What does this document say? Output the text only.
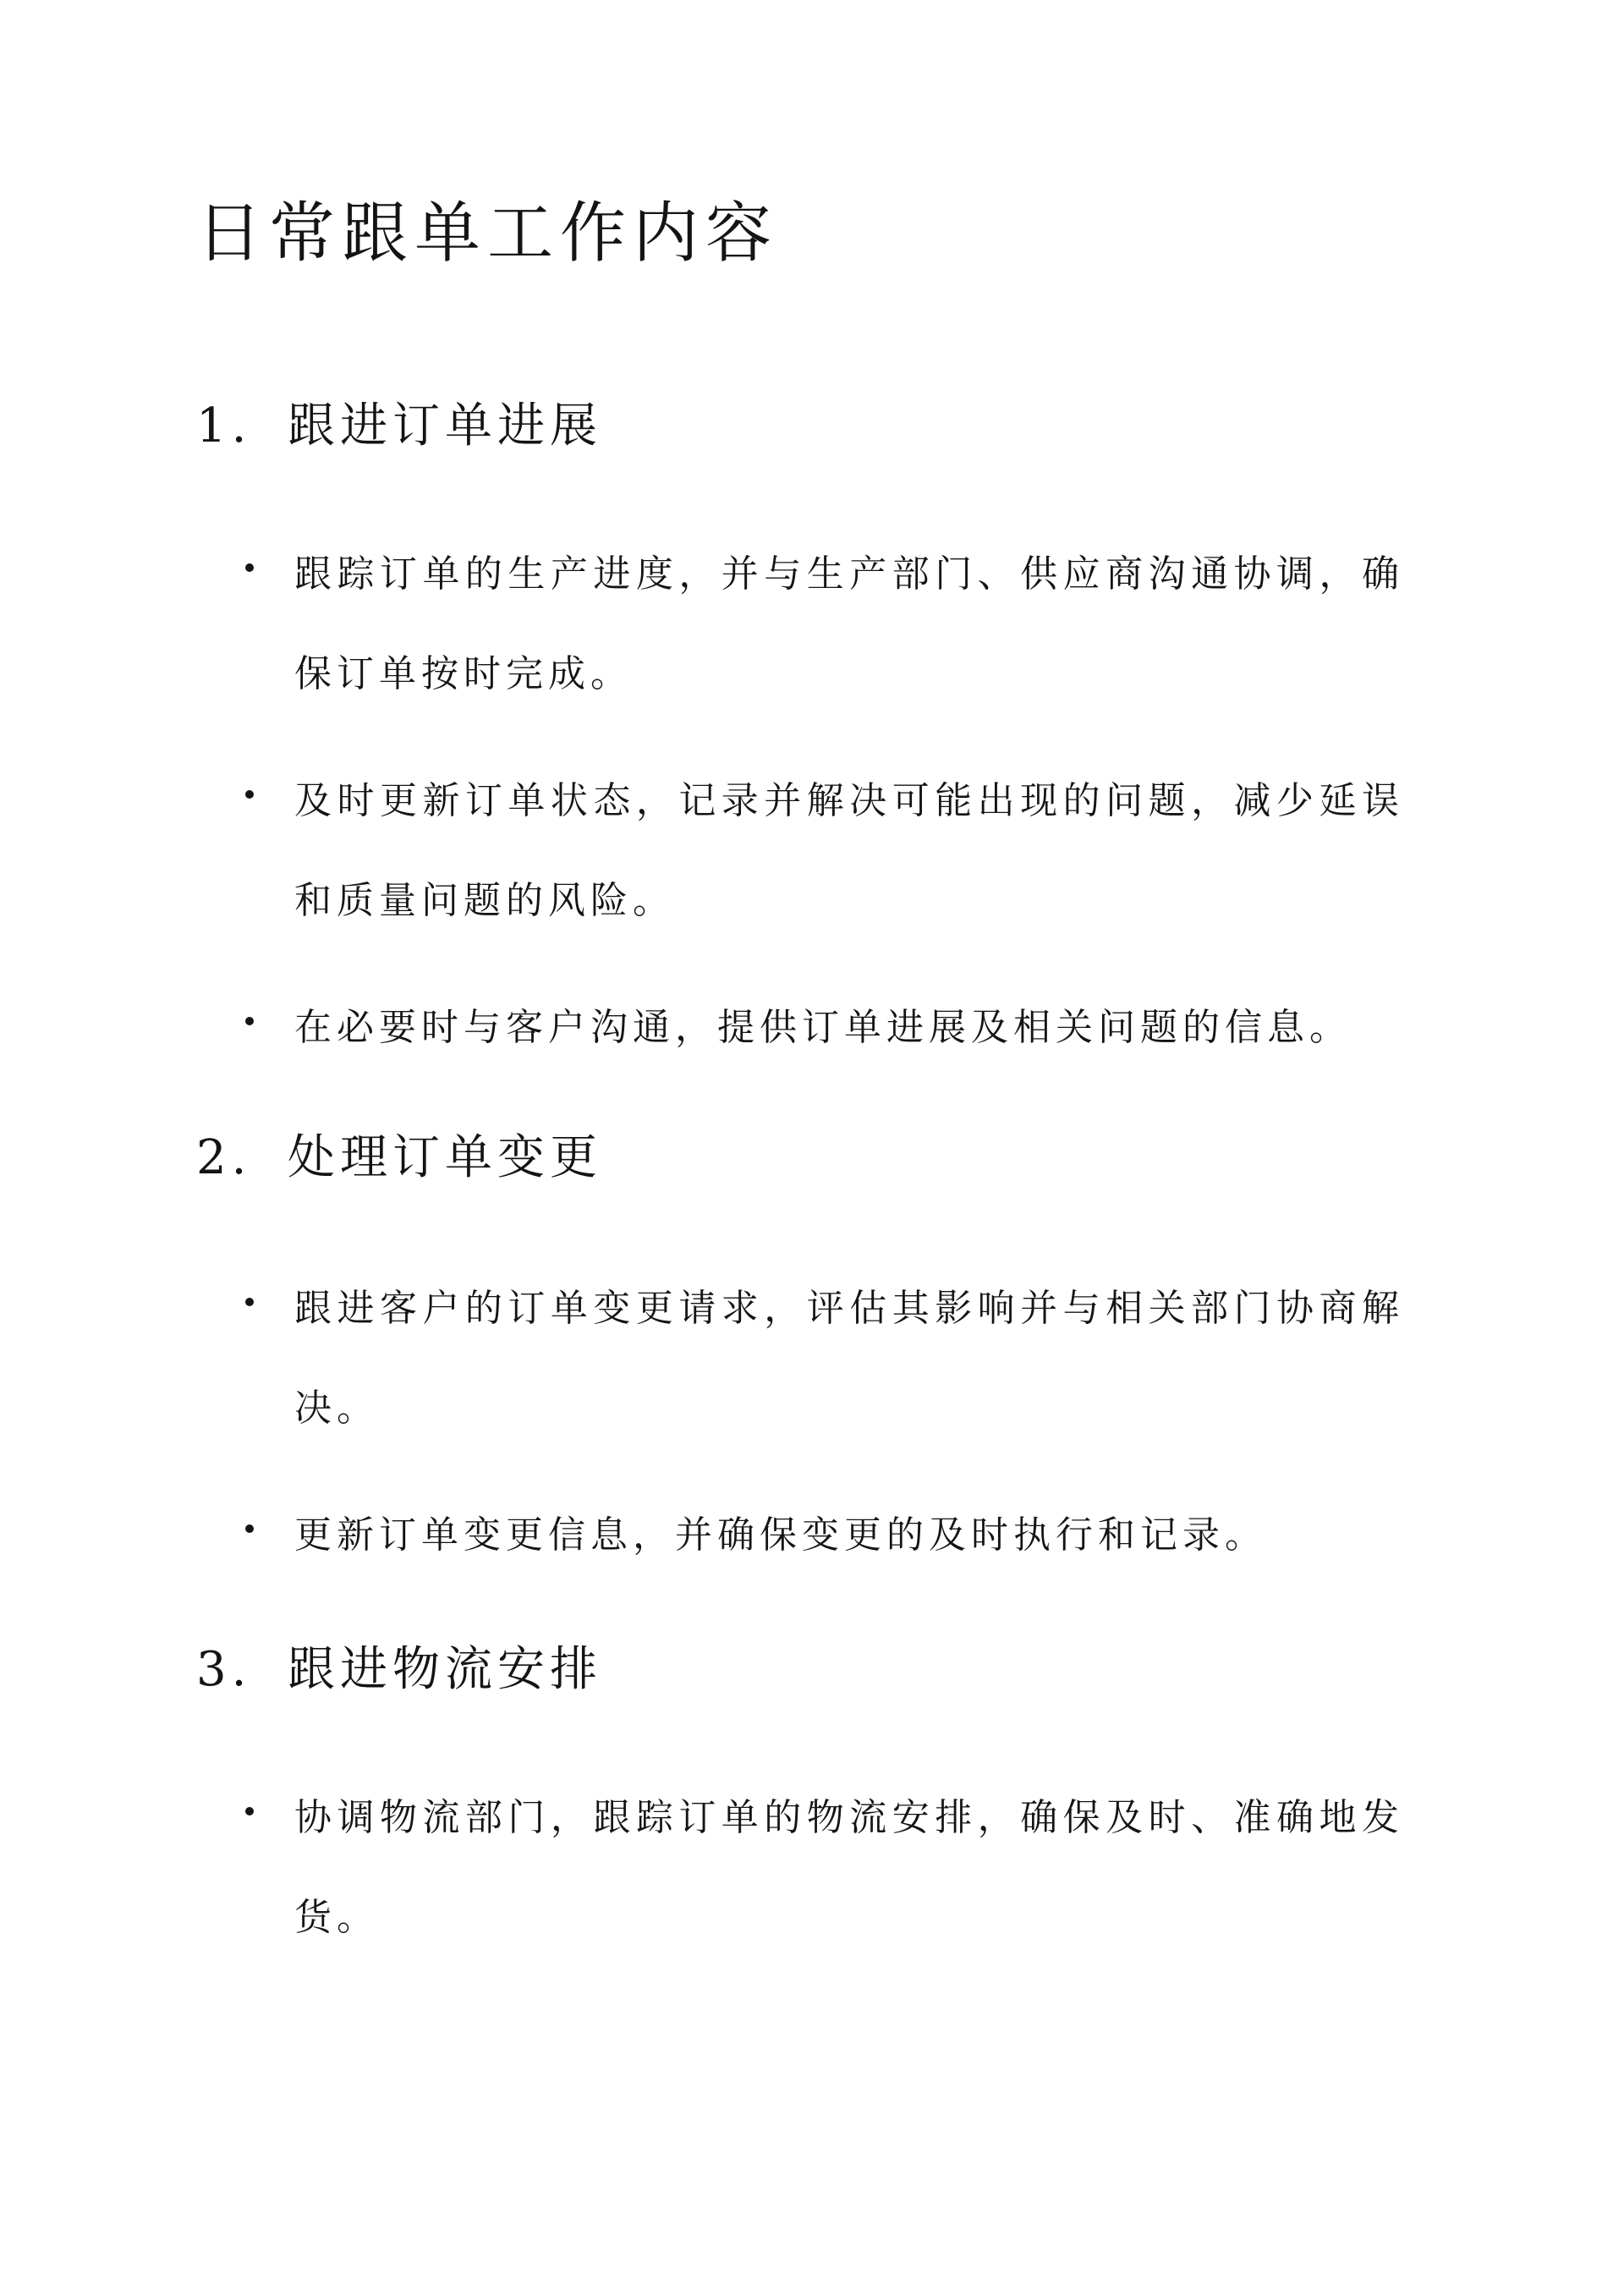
日常跟单工作内容
1. 跟进订单进展
跟踪订单的生产进度，并与生产部门、供应商沟通协调，确保订单按时完成。
及时更新订单状态，记录并解决可能出现的问题，减少延误和质量问题的风险。
在必要时与客户沟通，提供订单进展及相关问题的信息。
2. 处理订单变更
跟进客户的订单变更请求，评估其影响并与相关部门协商解决。
更新订单变更信息，并确保变更的及时执行和记录。
3. 跟进物流安排
协调物流部门，跟踪订单的物流安排，确保及时、准确地发货。
